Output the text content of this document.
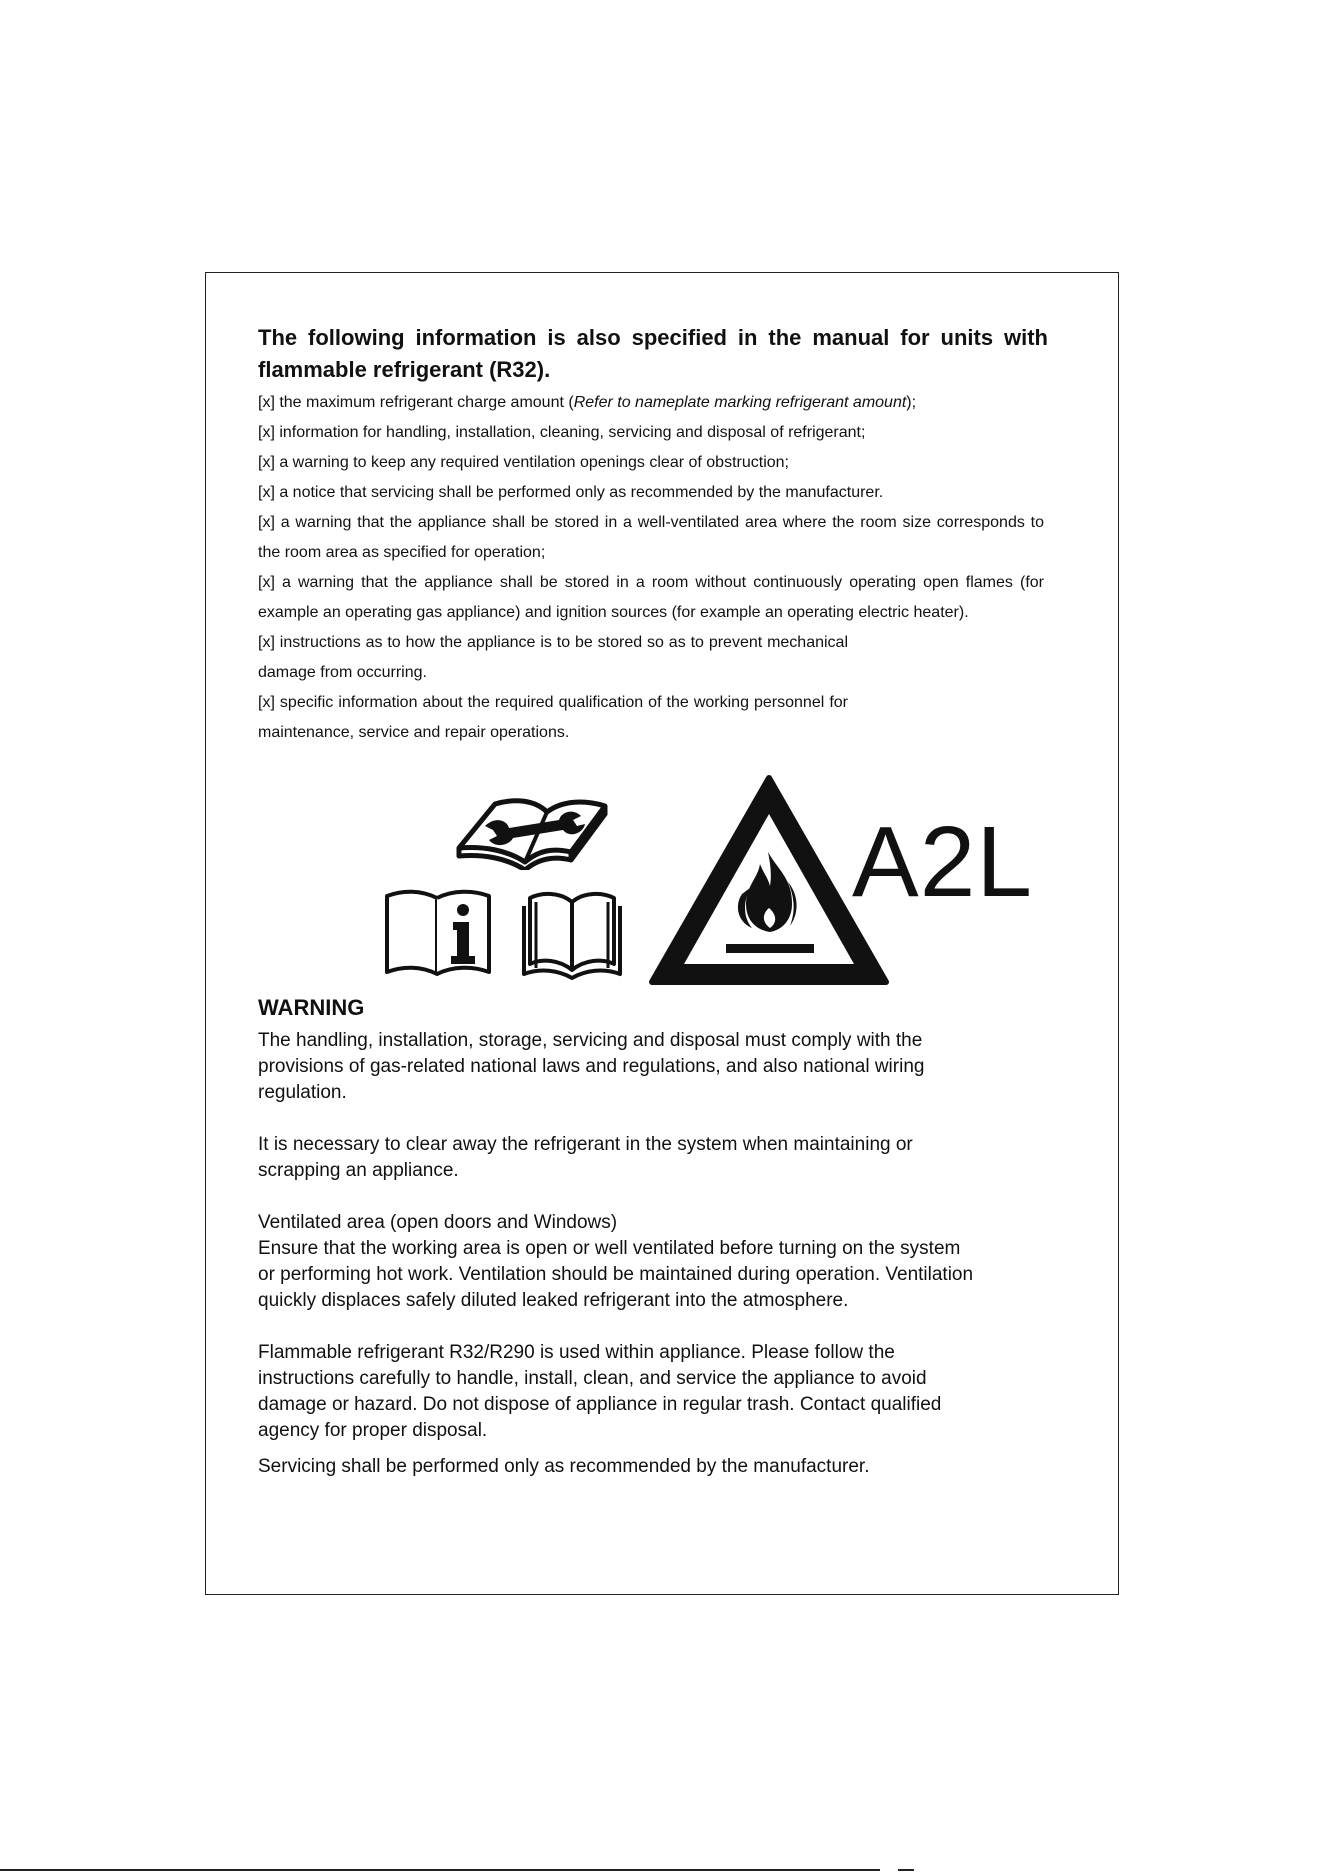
The following information is also specified in the manual for units with
flammable refrigerant (R32).
[x] the maximum refrigerant charge amount (Refer to nameplate marking refrigerant amount);
[x] information for handling, installation, cleaning, servicing and disposal of refrigerant;
[x] a warning to keep any required ventilation openings clear of obstruction;
[x] a notice that servicing shall be performed only as recommended by the manufacturer.
[x] a warning that the appliance shall be stored in a well-ventilated area where the room size corresponds to the room area as specified for operation;
[x] a warning that the appliance shall be stored in a room without continuously operating open flames (for example an operating gas appliance) and ignition sources (for example an operating electric heater).
[x] instructions as to how the appliance is to be stored so as to prevent mechanical damage from occurring.
[x] specific information about the required qualification of the working personnel for maintenance, service and repair operations.
A2L
WARNING

The handling, installation, storage, servicing and disposal must comply with the provisions of gas-related national laws and regulations, and also national wiring regulation.

It is necessary to clear away the refrigerant in the system when maintaining or scrapping an appliance.

Ventilated area (open doors and Windows)
Ensure that the working area is open or well ventilated before turning on the system or performing hot work. Ventilation should be maintained during operation. Ventilation quickly displaces safely diluted leaked refrigerant into the atmosphere.

Flammable refrigerant R32/R290 is used within appliance. Please follow the instructions carefully to handle, install, clean, and service the appliance to avoid damage or hazard. Do not dispose of appliance in regular trash. Contact qualified agency for proper disposal.

Servicing shall be performed only as recommended by the manufacturer.
